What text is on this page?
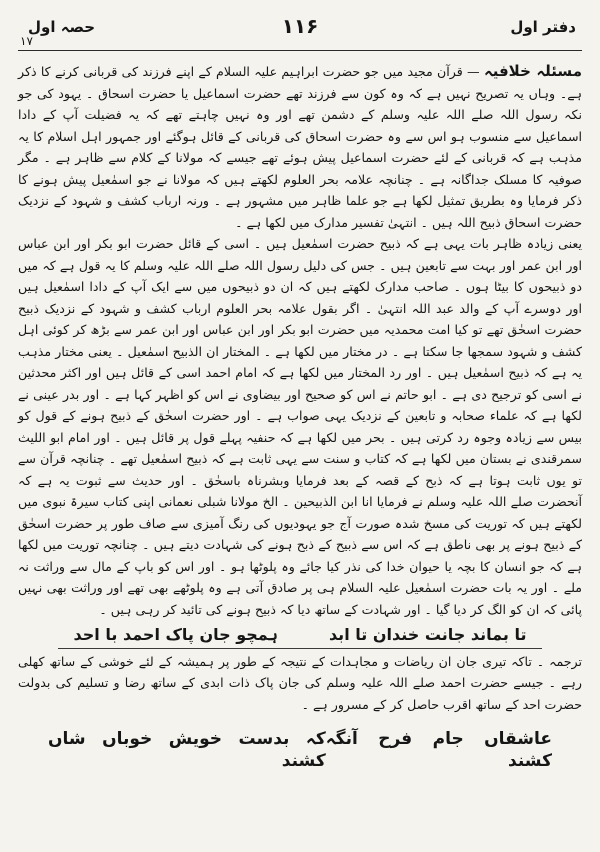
دفتر اول
۱۱۶
حصہ اول
۱۷

مسئلہ خلافیہ — قرآن مجید میں جو حضرت ابراہیم علیہ السلام کے اپنے فرزند کی قربانی کرنے کا ذکر ہے۔ وہاں یہ تصریح نہیں ہے کہ وہ کون سے فرزند تھے حضرت اسماعیل یا حضرت اسحاق ۔ یہود کی جو نکہ رسول اللہ صلے اللہ علیہ وسلم کے دشمن تھے اور وہ نہیں چاہتے تھے کہ یہ فضیلت آپ کے دادا اسماعیل سے منسوب ہو اس سے وہ حضرت اسحاق کی قربانی کے قائل ہوگئے اور جمہور اہل اسلام کا یہ مذہب ہے کہ قربانی کے لئے حضرت اسماعیل پیش ہوئے تھے جیسے کہ مولانا کے کلام سے ظاہر ہے ۔ مگر صوفیہ کا مسلک جداگانہ ہے ۔ چنانچہ علامہ بحر العلوم لکھتے ہیں کہ مولانا نے جو اسمٰعیل پیش ہونے کا ذکر فرمایا وہ بطریق تمثیل لکھا ہے جو علما ظاہر میں مشہور ہے ۔ ورنہ ارباب کشف و شہود کے نزدیک حضرت اسحاق ذبیح اللہ ہیں ۔ انتہیٰ تفسیر مدارک میں لکھا ہے ۔

یعنی زیادہ ظاہر بات یہی ہے کہ ذبیح حضرت اسمٰعیل ہیں ۔ اسی کے قائل حضرت ابو بکر اور ابن عباس اور ابن عمر اور بہت سے تابعین ہیں ۔ جس کی دلیل رسول اللہ صلے اللہ علیہ وسلم کا یہ قول ہے کہ میں دو ذبیحوں کا بیٹا ہوں ۔ صاحب مدارک لکھتے ہیں کہ ان دو ذبیحوں میں سے ایک آپ کے دادا اسمٰعیل ہیں اور دوسرے آپ کے والد عبد اللہ انتہیٰ ۔ اگر بقول علامہ بحر العلوم ارباب کشف و شہود کے نزدیک ذبیح حضرت اسحٰق تھے تو کیا امت محمدیہ میں حضرت ابو بکر اور ابن عباس اور ابن عمر سے بڑھ کر کوئی اہل کشف و شہود سمجھا جا سکتا ہے ۔ در مختار میں لکھا ہے ۔ المختار ان الذبیح اسمٰعیل ۔ یعنی مختار مذہب یہ ہے کہ ذبیح اسمٰعیل ہیں ۔ اور رد المختار میں لکھا ہے کہ امام احمد اسی کے قائل ہیں اور اکثر محدثین نے اسی کو ترجیح دی ہے ۔ ابو حاتم نے اس کو صحیح اور بیضاوی نے اس کو اظہر کہا ہے ۔ اور بدر عینی نے لکھا ہے کہ علماء صحابہ و تابعین کے نزدیک یہی صواب ہے ۔ اور حضرت اسحٰق کے ذبیح ہونے کے قول کو بیس سے زیادہ وجوہ رد کرتی ہیں ۔ بحر میں لکھا ہے کہ حنفیہ پہلے قول پر قائل ہیں ۔ اور امام ابو اللیث سمرقندی نے بستان میں لکھا ہے کہ کتاب و سنت سے یہی ثابت ہے کہ ذبیح اسمٰعیل تھے ۔ چنانچہ قرآن سے تو یوں ثابت ہوتا ہے کہ ذبح کے قصہ کے بعد فرمایا وبشرناہ باسحٰق ۔ اور حدیث سے ثبوت یہ ہے کہ آنحضرت صلے اللہ علیہ وسلم نے فرمایا انا ابن الذبیحین ۔ الخ مولانا شبلی نعمانی اپنی کتاب سیرۃ نبوی میں لکھتے ہیں کہ توریت کی مسخ شدہ صورت آج جو یہودیوں کی رنگ آمیزی سے صاف طور پر حضرت اسحٰق کے ذبیح ہونے پر بھی ناطق ہے کہ اس سے ذبیح کے ذبح ہونے کی شہادت دیتے ہیں ۔ چنانچہ توریت میں لکھا ہے کہ جو انسان کا بچہ یا حیوان خدا کی نذر کیا جائے وہ پلوٹھا ہو ۔ اور اس کو باپ کے مال سے وراثت نہ ملے ۔ اور یہ بات حضرت اسمٰعیل علیہ السلام ہی پر صادق آتی ہے وہ پلوٹھے بھی تھے اور وراثت بھی نہیں پائی کہ ان کو الگ کر دیا گیا ۔ اور شہادت کے ساتھ دیا کہ ذبیح ہونے کی تائید کر رہی ہیں ۔

تا بماند جانت خندان تا ابد
ہمچو جان پاک احمد با احد

ترجمہ ۔ تاکہ تیری جان ان ریاضات و مجاہدات کے نتیجہ کے طور پر ہمیشہ کے لئے خوشی کے ساتھ کھلی رہے ۔ جیسے حضرت احمد صلے اللہ علیہ وسلم کی جان پاک ذات ابدی کے ساتھ رضا و تسلیم کی بدولت حضرت احد کے ساتھ اقرب حاصل کر کے مسرور ہے ۔

عاشقاں جام فرح آنگہ کشند
کہ بدست خویش خوباں شاں کشند
